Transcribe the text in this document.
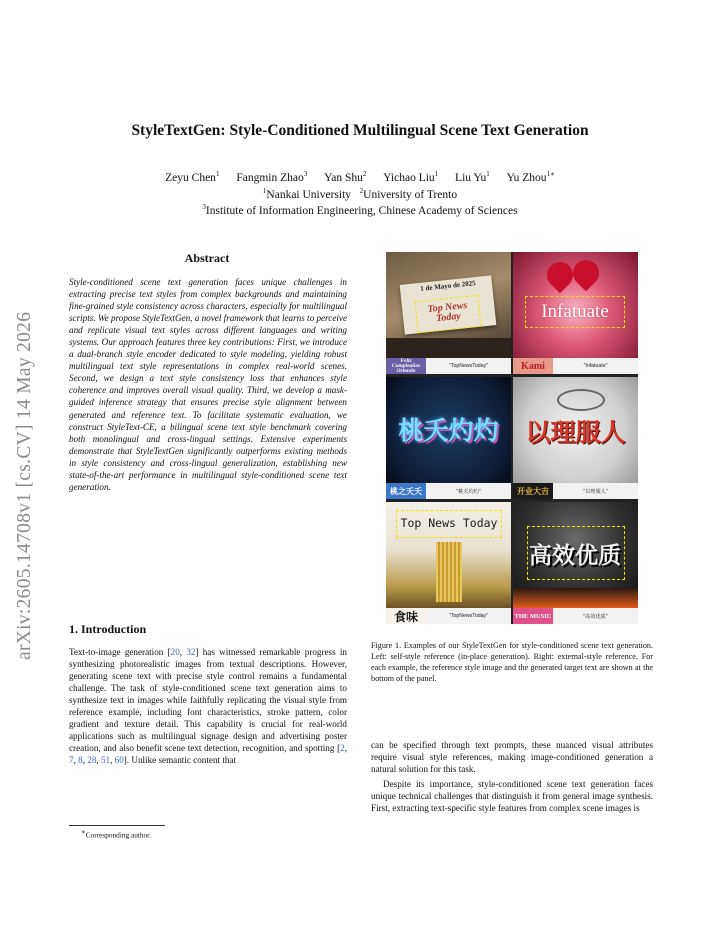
StyleTextGen: Style-Conditioned Multilingual Scene Text Generation
Zeyu Chen$^1$ Fangmin Zhao$^3$ Yan Shu$^2$ Yichao Liu$^1$ Liu Yu$^1$ Yu Zhou$^{1∗}$
$^1$Nankai University $^2$University of Trento
$^3$Institute of Information Engineering, Chinese Academy of Sciences
arXiv:2605.14708v1 [cs.CV] 14 May 2026
Abstract
Style-conditioned scene text generation faces unique challenges in extracting precise text styles from complex backgrounds and maintaining fine-grained style consistency across characters, especially for multilingual scripts. We propose StyleTextGen, a novel framework that learns to perceive and replicate visual text styles across different languages and writing systems. Our approach features three key contributions: First, we introduce a dual-branch style encoder dedicated to style modeling, yielding robust multilingual text style representations in complex real-world scenes. Second, we design a text style consistency loss that enhances style coherence and improves overall visual quality. Third, we develop a mask-guided inference strategy that ensures precise style alignment between generated and reference text. To facilitate systematic evaluation, we construct StyleText-CE, a bilingual scene text style benchmark covering both monolingual and cross-lingual settings. Extensive experiments demonstrate that StyleTextGen significantly outperforms existing methods in style consistency and cross-lingual generalization, establishing new state-of-the-art performance in multilingual style-conditioned scene text generation.
1. Introduction
Text-to-image generation [20, 32] has witnessed remarkable progress in synthesizing photorealistic images from textual descriptions. However, generating scene text with precise style control remains a fundamental challenge. The task of style-conditioned scene text generation aims to synthesize text in images while faithfully replicating the visual style from reference example, including font characteristics, stroke pattern, color gradient and texture detail. This capability is crucial for real-world applications such as multilingual signage design and advertising poster creation, and also benefit scene text detection, recognition, and spotting [2, 7, 8, 28, 51, 60]. Unlike semantic content that
∗Corresponding author.
1 de Mayo de 2025
Top News Today
Feliz Cumpleaños Orlando
"TopNewsToday"
Infatuate
Kami	"Infatuate"
桃夭灼灼
桃之夭夭	"桃夭灼灼"
以理服人
开业大吉	"以理服人"
Top News Today
食味	"TopNewsToday"
高效优质
THE MUSIC	"高效优质"
Figure 1. Examples of our StyleTextGen for style-conditioned scene text generation. Left: self-style reference (in-place generation). Right: external-style reference. For each example, the reference style image and the generated target text are shown at the bottom of the panel.

can be specified through text prompts, these nuanced visual attributes require visual style references, making image-conditioned generation a natural solution for this task.

Despite its importance, style-conditioned scene text generation faces unique technical challenges that distinguish it from general image synthesis. First, extracting text-specific style features from complex scene images is
